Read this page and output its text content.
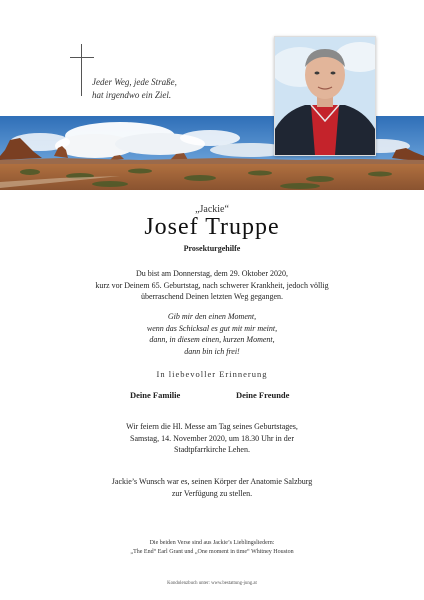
Jeder Weg, jede Straße,
hat irgendwo ein Ziel.
„Jackie“
Josef Truppe
Prosekturgehilfe
Du bist am Donnerstag, dem 29. Oktober 2020,
kurz vor Deinem 65. Geburtstag, nach schwerer Krankheit, jedoch völlig
überraschend Deinen letzten Weg gegangen.
Gib mir den einen Moment,
wenn das Schicksal es gut mit mir meint,
dann, in diesem einen, kurzen Moment,
dann bin ich frei!
In liebevoller Erinnerung
Deine Familie	Deine Freunde
Wir feiern die Hl. Messe am Tag seines Geburtstages,
Samstag, 14. November 2020, um 18.30 Uhr in der
Stadtpfarrkirche Lehen.
Jackie’s Wunsch war es, seinen Körper der Anatomie Salzburg
zur Verfügung zu stellen.
Die beiden Verse sind aus Jackie’s Lieblingsliedern:
„The End“ Earl Grant und „One moment in time“ Whitney Houston
Kondolenzbuch unter: www.bestattung-jung.at
